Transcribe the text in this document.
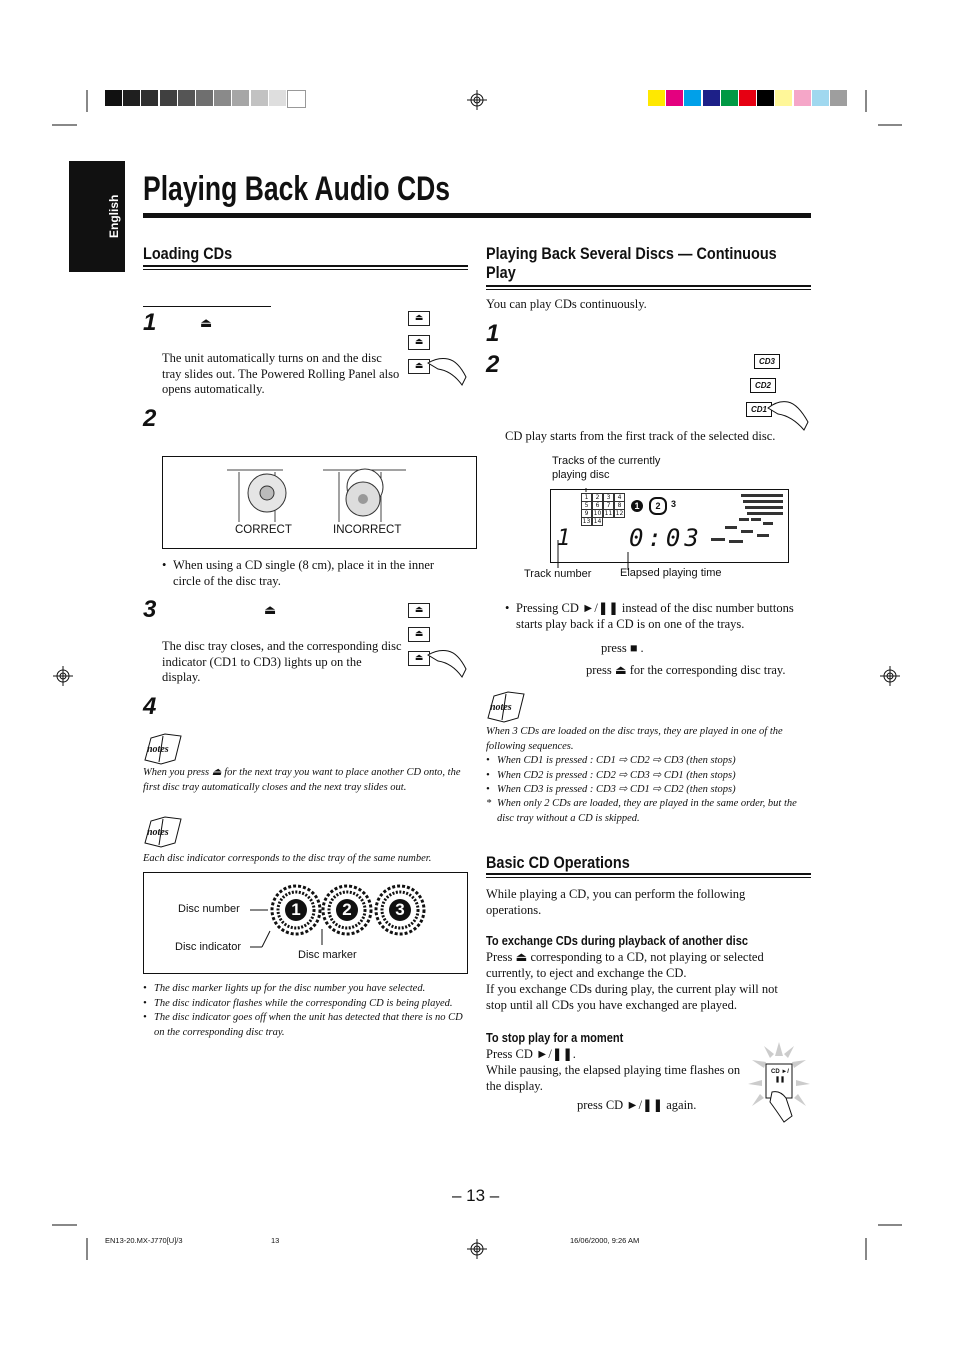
English
Playing Back Audio CDs
Loading CDs
1	⏏
The unit automatically turns on and the disc tray slides out. The Powered Rolling Panel also opens automatically.
⏏
⏏
⏏
2
CORRECT	INCORRECT
• When using a CD single (8 cm), place it in the inner circle of the disc tray.
3	⏏
The disc tray closes, and the corresponding disc indicator (CD1 to CD3) lights up on the display.
⏏
⏏
⏏
4
notes
When you press ⏏ for the next tray you want to place another CD onto, the first disc tray automatically closes and the next tray slides out.
notes
Each disc indicator corresponds to the disc tray of the same number.
Disc number
Disc indicator
Disc marker
1	2	3
• The disc marker lights up for the disc number you have selected.
• The disc indicator flashes while the corresponding CD is being played.
• The disc indicator goes off when the unit has detected that there is no CD on the corresponding disc tray.
Playing Back Several Discs — Continuous
Play
You can play CDs continuously.
1
2	CD3
CD2
CD1
CD play starts from the first track of the selected disc.
Tracks of the currently
playing disc
1	2	3	4
5	6	7	8
9 10 11 12
13 14
1	2	3
1 0:03
Track number	Elapsed playing time
• Pressing CD ►/❚❚ instead of the disc number buttons starts play back if a CD is on one of the trays.
press ■ .
press ⏏ for the corresponding disc tray.
notes
When 3 CDs are loaded on the disc trays, they are played in one of the following sequences.
• When CD1 is pressed : CD1 ⇨ CD2 ⇨ CD3 (then stops)
• When CD2 is pressed : CD2 ⇨ CD3 ⇨ CD1 (then stops)
• When CD3 is pressed : CD3 ⇨ CD1 ⇨ CD2 (then stops)
* When only 2 CDs are loaded, they are played in the same order, but the disc tray without a CD is skipped.
Basic CD Operations
While playing a CD, you can perform the following operations.
To exchange CDs during playback of another disc
Press ⏏ corresponding to a CD, not playing or selected currently, to eject and exchange the CD.
If you exchange CDs during play, the current play will not stop until all CDs you have exchanged are played.
To stop play for a moment
Press CD ►/❚❚.
While pausing, the elapsed playing time flashes on the display.
press CD ►/❚❚ again.
CD ►/❚❚
– 13 –
EN13-20.MX-J770[U]/3	13	16/06/2000, 9:26 AM
